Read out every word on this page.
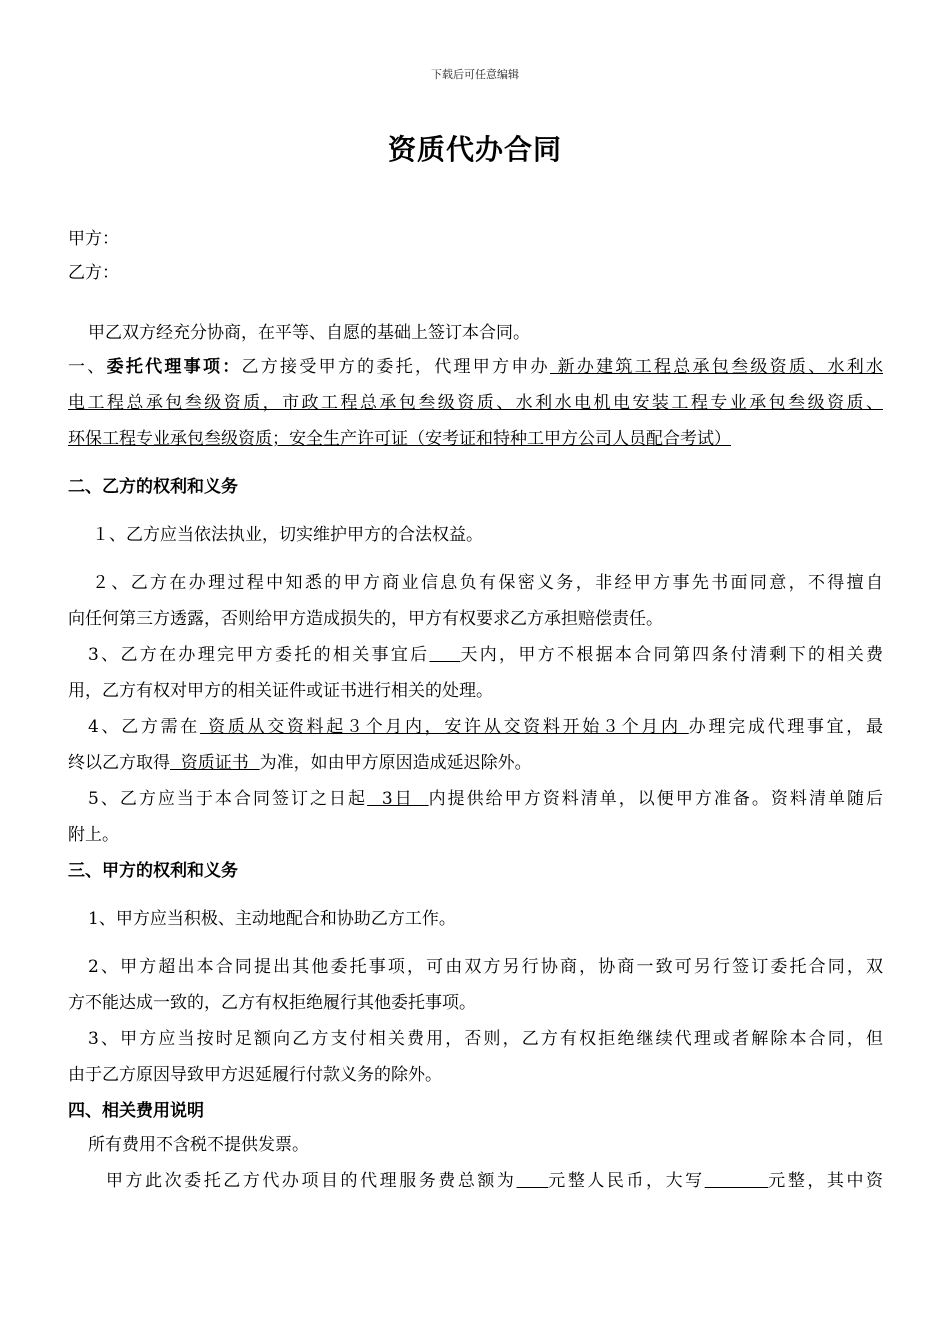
下载后可任意编辑
资质代办合同
甲方：
乙方：
甲乙双方经充分协商，在平等、自愿的基础上签订本合同。
一、委托代理事项：乙方接受甲方的委托，代理甲方申办 新办建筑工程总承包叁级资质、水利水
电工程总承包叁级资质，市政工程总承包叁级资质、水利水电机电安装工程专业承包叁级资质、
环保工程专业承包叁级资质；安全生产许可证（安考证和特种工甲方公司人员配合考试）
二、乙方的权利和义务
１、乙方应当依法执业，切实维护甲方的合法权益。
２、乙方在办理过程中知悉的甲方商业信息负有保密义务，非经甲方事先书面同意，不得擅自
向任何第三方透露，否则给甲方造成损失的，甲方有权要求乙方承担赔偿责任。
3、乙方在办理完甲方委托的相关事宜后 天内，甲方不根据本合同第四条付清剩下的相关费
用，乙方有权对甲方的相关证件或证书进行相关的处理。
4、乙方需在 资质从交资料起３个月内，安许从交资料开始３个月内 办理完成代理事宜，最
终以乙方取得  资质证书  为准，如由甲方原因造成延迟除外。
5、乙方应当于本合同签订之日起  3日  内提供给甲方资料清单，以便甲方准备。资料清单随后
附上。
三、甲方的权利和义务
1、甲方应当积极、主动地配合和协助乙方工作。
2、甲方超出本合同提出其他委托事项，可由双方另行协商，协商一致可另行签订委托合同，双
方不能达成一致的，乙方有权拒绝履行其他委托事项。
3、甲方应当按时足额向乙方支付相关费用，否则，乙方有权拒绝继续代理或者解除本合同，但
由于乙方原因导致甲方迟延履行付款义务的除外。
四、相关费用说明
所有费用不含税不提供发票。
甲方此次委托乙方代办项目的代理服务费总额为 元整人民币，大写	元整，其中资
